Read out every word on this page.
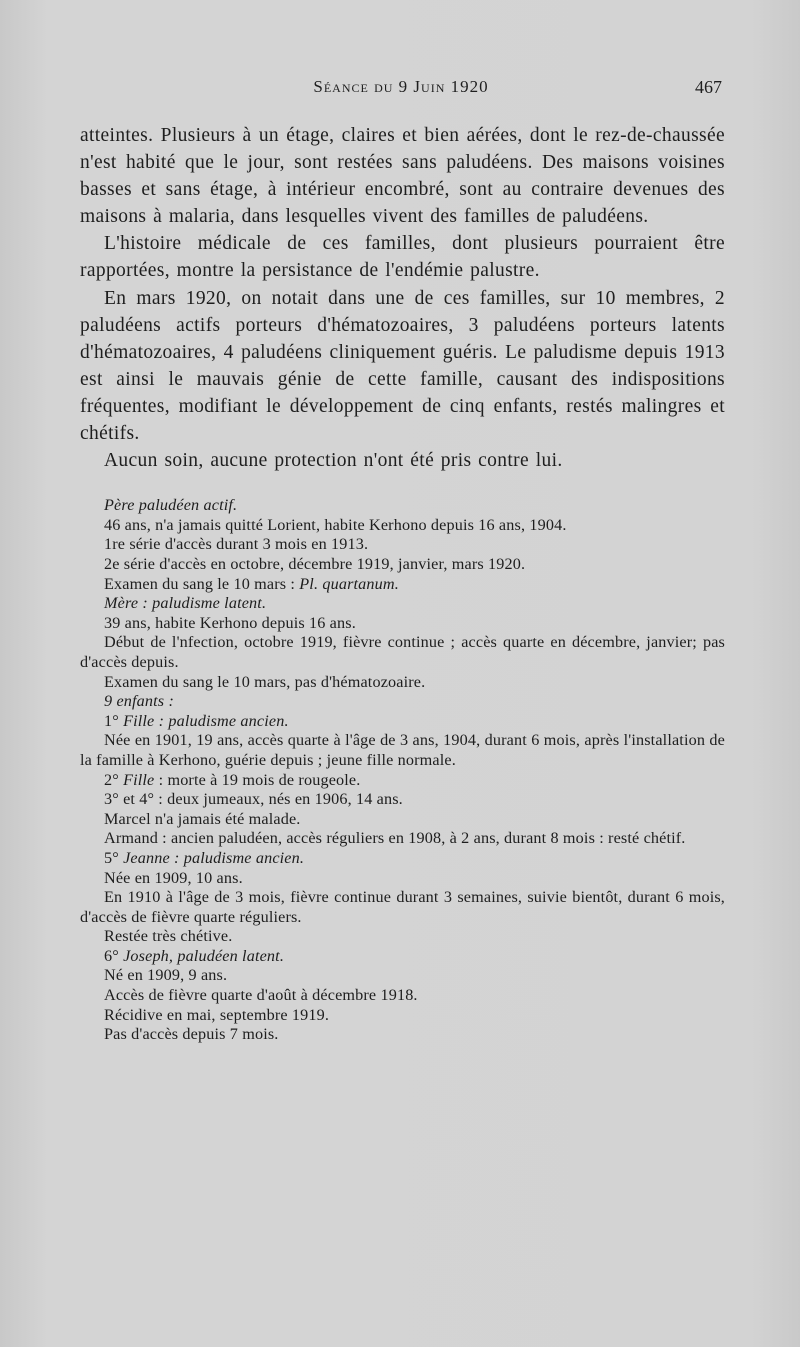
Séance du 9 Juin 1920	467

atteintes. Plusieurs à un étage, claires et bien aérées, dont le rez-de-chaussée n'est habité que le jour, sont restées sans paludéens. Des maisons voisines basses et sans étage, à intérieur encombré, sont au contraire devenues des maisons à malaria, dans lesquelles vivent des familles de paludéens.

L'histoire médicale de ces familles, dont plusieurs pourraient être rapportées, montre la persistance de l'endémie palustre.

En mars 1920, on notait dans une de ces familles, sur 10 membres, 2 paludéens actifs porteurs d'hématozoaires, 3 paludéens porteurs latents d'hématozoaires, 4 paludéens cliniquement guéris. Le paludisme depuis 1913 est ainsi le mauvais génie de cette famille, causant des indispositions fréquentes, modifiant le développement de cinq enfants, restés malingres et chétifs.

Aucun soin, aucune protection n'ont été pris contre lui.

Père paludéen actif.

46 ans, n'a jamais quitté Lorient, habite Kerhono depuis 16 ans, 1904.

1re série d'accès durant 3 mois en 1913.

2e série d'accès en octobre, décembre 1919, janvier, mars 1920.

Examen du sang le 10 mars : Pl. quartanum.

Mère : paludisme latent.

39 ans, habite Kerhono depuis 16 ans.

Début de l'nfection, octobre 1919, fièvre continue ; accès quarte en décembre, janvier; pas d'accès depuis.

Examen du sang le 10 mars, pas d'hématozoaire.

9 enfants :

1° Fille : paludisme ancien.

Née en 1901, 19 ans, accès quarte à l'âge de 3 ans, 1904, durant 6 mois, après l'installation de la famille à Kerhono, guérie depuis ; jeune fille normale.

2° Fille : morte à 19 mois de rougeole.

3° et 4° : deux jumeaux, nés en 1906, 14 ans.

Marcel n'a jamais été malade.

Armand : ancien paludéen, accès réguliers en 1908, à 2 ans, durant 8 mois : resté chétif.

5° Jeanne : paludisme ancien.

Née en 1909, 10 ans.

En 1910 à l'âge de 3 mois, fièvre continue durant 3 semaines, suivie bientôt, durant 6 mois, d'accès de fièvre quarte réguliers.

Restée très chétive.

6° Joseph, paludéen latent.

Né en 1909, 9 ans.

Accès de fièvre quarte d'août à décembre 1918.

Récidive en mai, septembre 1919.

Pas d'accès depuis 7 mois.
